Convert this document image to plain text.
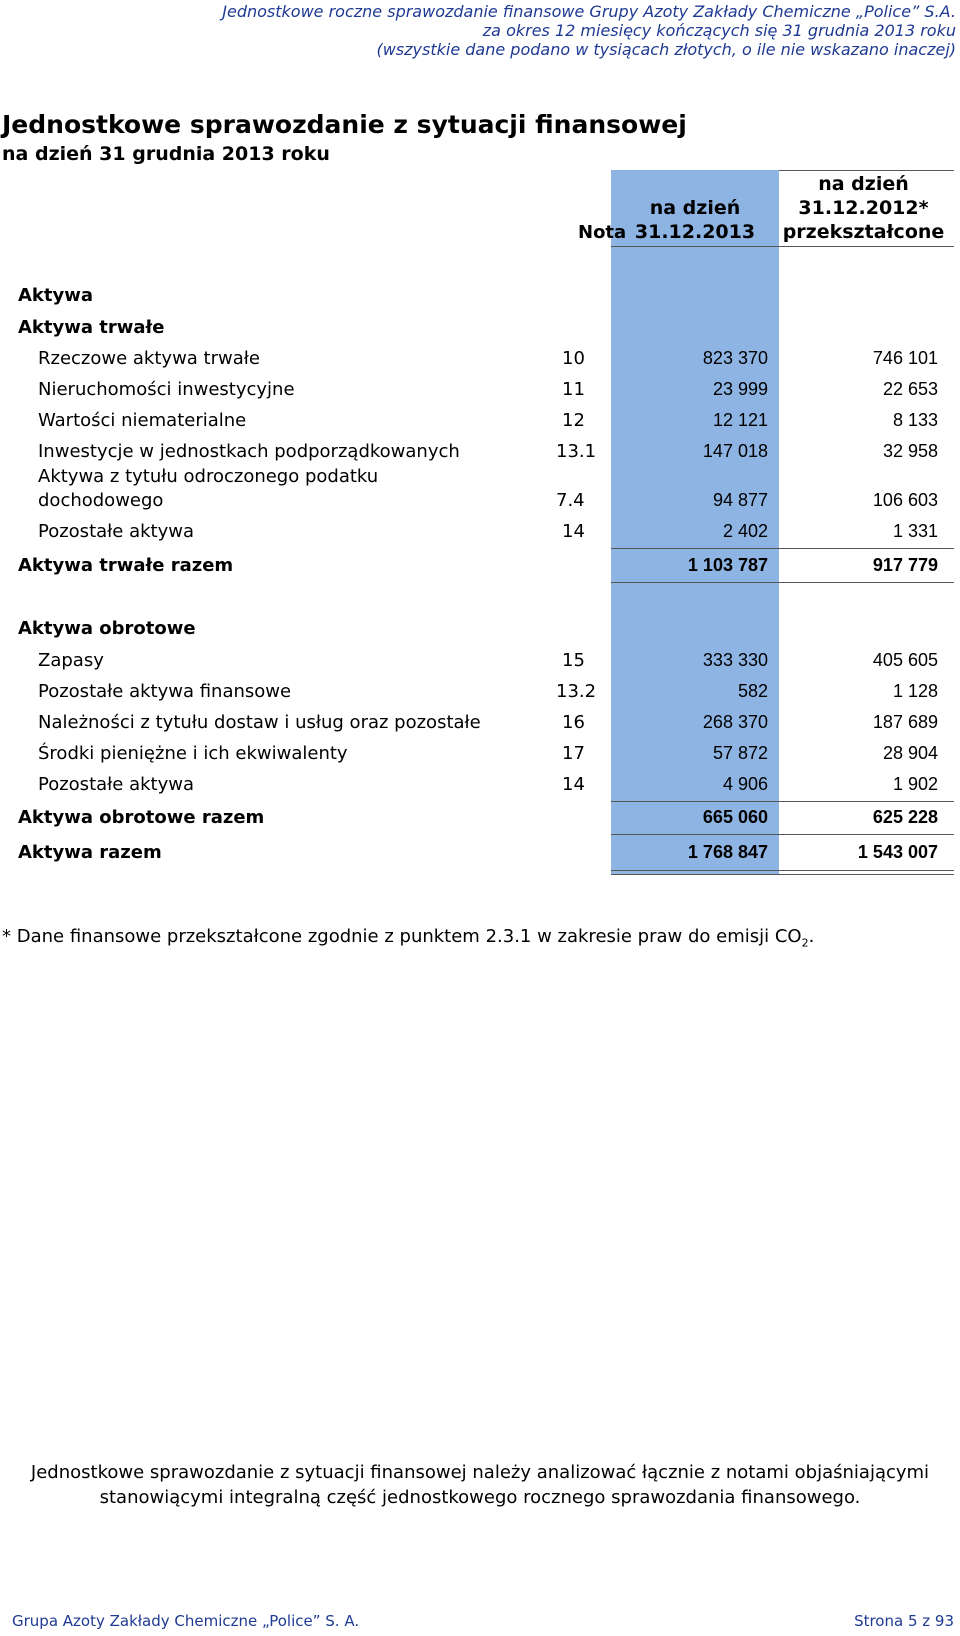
Jednostkowe roczne sprawozdanie finansowe Grupy Azoty Zakłady Chemiczne „Police” S.A.
za okres 12 miesięcy kończących się 31 grudnia 2013 roku
(wszystkie dane podano w tysiącach złotych, o ile nie wskazano inaczej)
Jednostkowe sprawozdanie z sytuacji finansowej
na dzień 31 grudnia 2013 roku
Nota
na dzień
31.12.2013
na dzień
31.12.2012*
przekształcone
Aktywa
Aktywa trwałe
Rzeczowe aktywa trwałe	10	823 370	746 101
Nieruchomości inwestycyjne	11	23 999	22 653
Wartości niematerialne	12	12 121	8 133
Inwestycje w jednostkach podporządkowanych	13.1	147 018	32 958
Aktywa z tytułu odroczonego podatku
dochodowego	7.4	94 877	106 603
Pozostałe aktywa	14	2 402	1 331
Aktywa trwałe razem	1 103 787	917 779
Aktywa obrotowe
Zapasy	15	333 330	405 605
Pozostałe aktywa finansowe	13.2	582	1 128
Należności z tytułu dostaw i usług oraz pozostałe	16	268 370	187 689
Środki pieniężne i ich ekwiwalenty	17	57 872	28 904
Pozostałe aktywa	14	4 906	1 902
Aktywa obrotowe razem	665 060	625 228
Aktywa razem	1 768 847	1 543 007
* Dane finansowe przekształcone zgodnie z punktem 2.3.1 w zakresie praw do emisji $CO_2$.
Jednostkowe sprawozdanie z sytuacji finansowej należy analizować łącznie z notami objaśniającymi
stanowiącymi integralną część jednostkowego rocznego sprawozdania finansowego.
Grupa Azoty Zakłady Chemiczne „Police” S. A.	Strona 5 z 93
